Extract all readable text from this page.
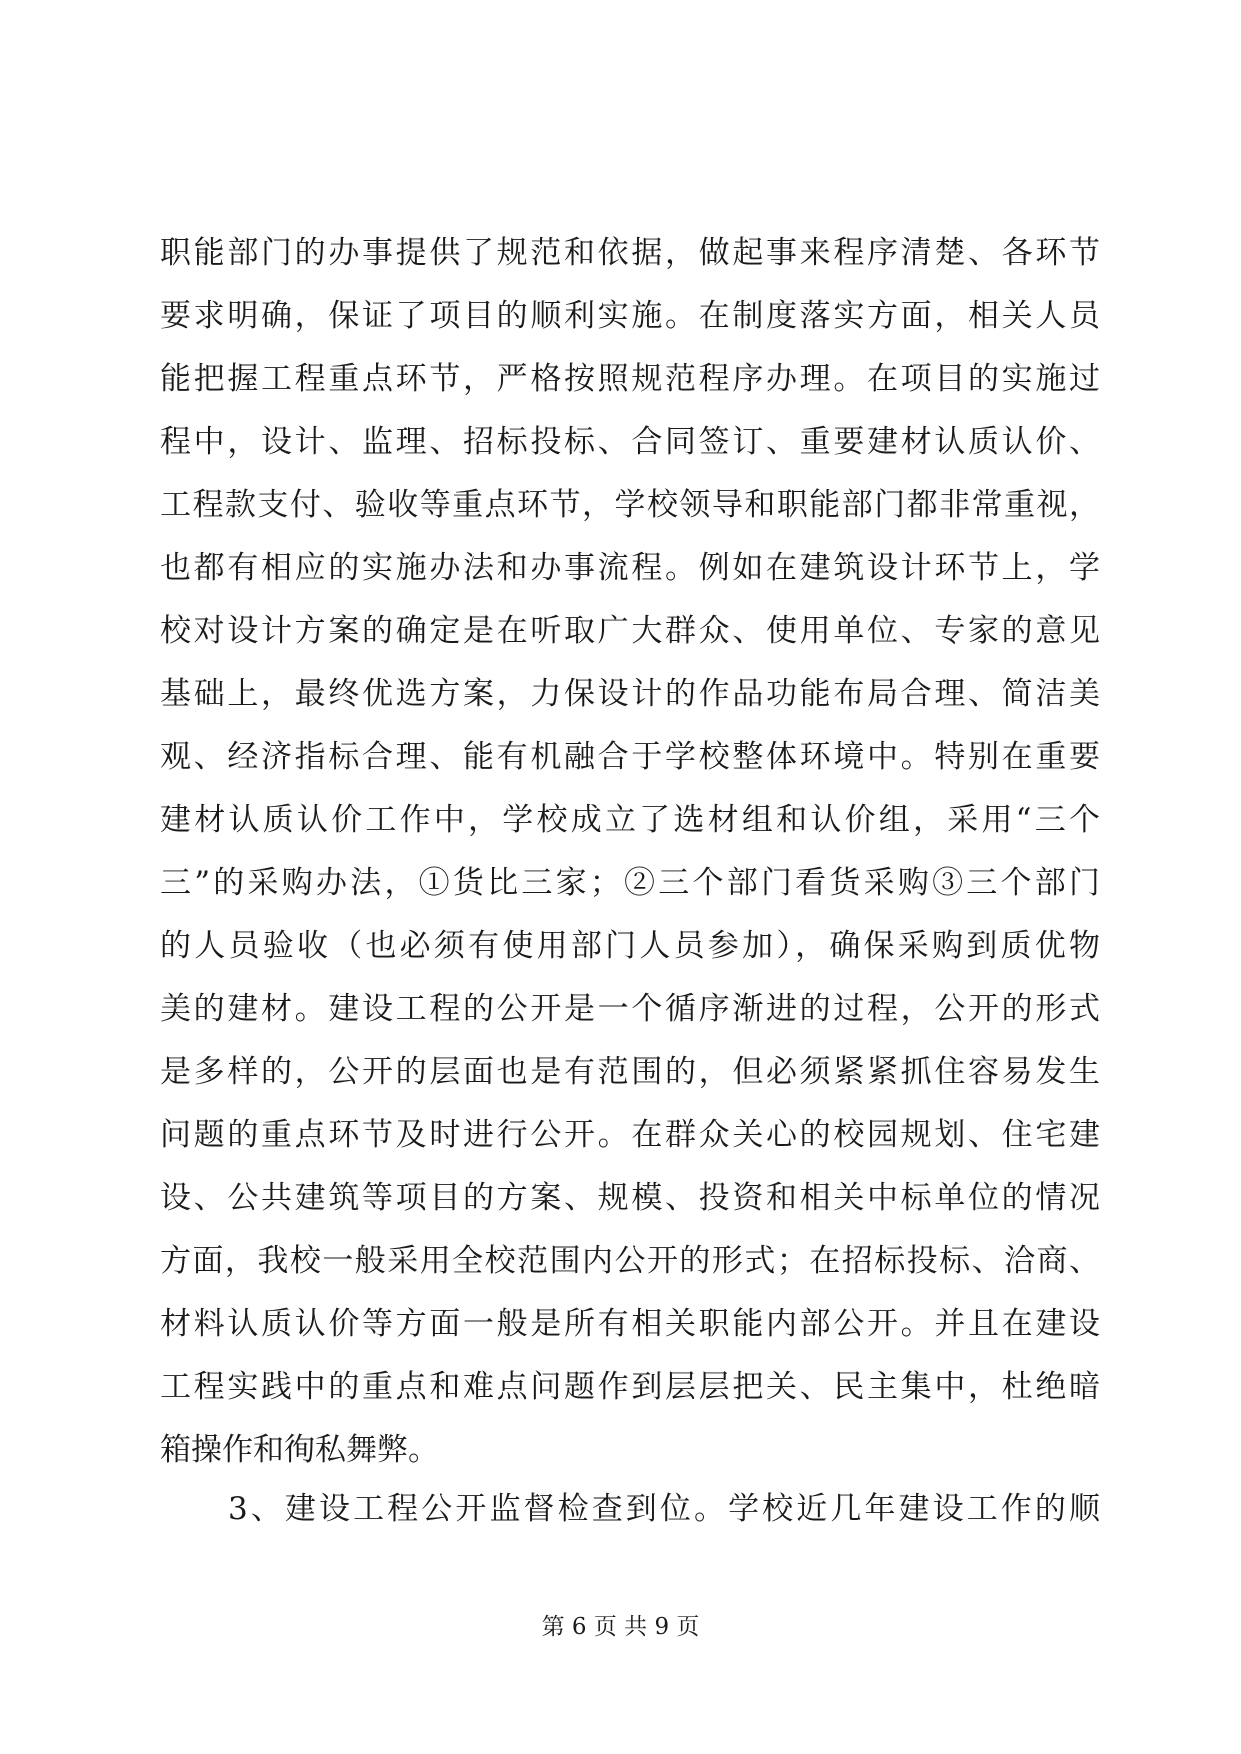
职能部门的办事提供了规范和依据，做起事来程序清楚、各环节
要求明确，保证了项目的顺利实施。在制度落实方面，相关人员
能把握工程重点环节，严格按照规范程序办理。在项目的实施过
程中，设计、监理、招标投标、合同签订、重要建材认质认价、
工程款支付、验收等重点环节，学校领导和职能部门都非常重视，
也都有相应的实施办法和办事流程。例如在建筑设计环节上，学
校对设计方案的确定是在听取广大群众、使用单位、专家的意见
基础上，最终优选方案，力保设计的作品功能布局合理、简洁美
观、经济指标合理、能有机融合于学校整体环境中。特别在重要
建材认质认价工作中，学校成立了选材组和认价组，采用“三个
三”的采购办法，①货比三家；②三个部门看货采购③三个部门
的人员验收（也必须有使用部门人员参加），确保采购到质优物
美的建材。建设工程的公开是一个循序渐进的过程，公开的形式
是多样的，公开的层面也是有范围的，但必须紧紧抓住容易发生
问题的重点环节及时进行公开。在群众关心的校园规划、住宅建
设、公共建筑等项目的方案、规模、投资和相关中标单位的情况
方面，我校一般采用全校范围内公开的形式；在招标投标、洽商、
材料认质认价等方面一般是所有相关职能内部公开。并且在建设
工程实践中的重点和难点问题作到层层把关、民主集中，杜绝暗
箱操作和徇私舞弊。
3、建设工程公开监督检查到位。学校近几年建设工作的顺
第 6 页 共 9 页
